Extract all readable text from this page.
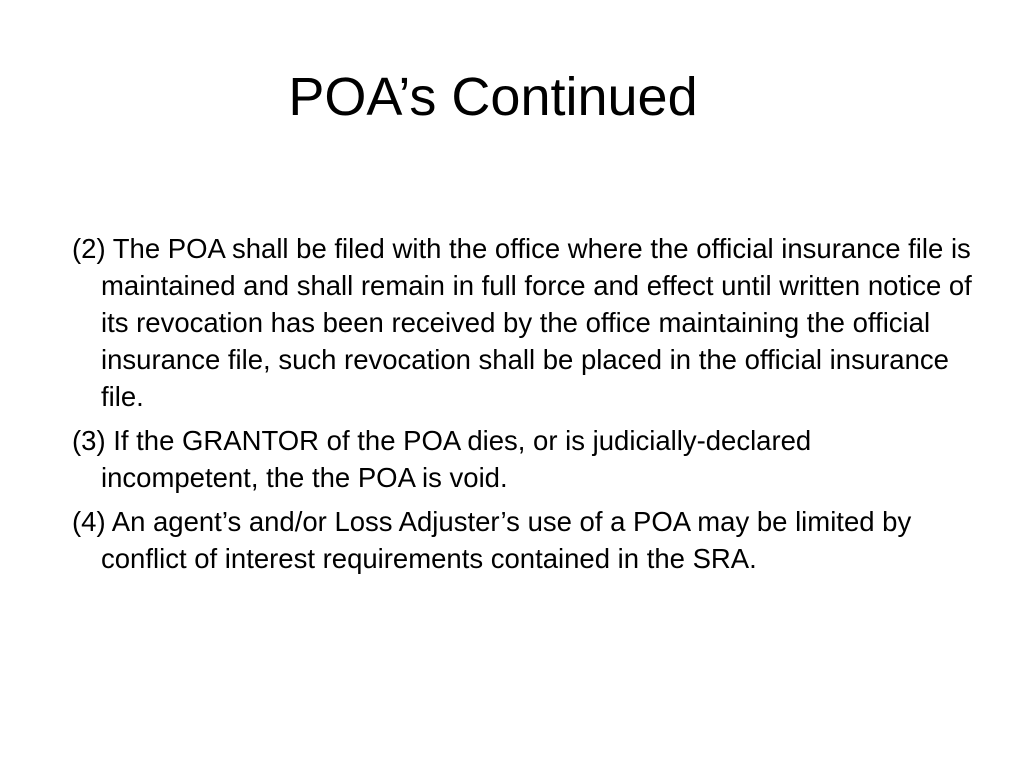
POA’s Continued
(2) The POA shall be filed with the office where the official insurance file is maintained and shall remain in full force and effect until written notice of its revocation has been received by the office maintaining the official insurance file, such revocation shall be placed in the official insurance file.
(3) If the GRANTOR of the POA dies, or is judicially-declared incompetent, the the POA is void.
(4) An agent’s and/or Loss Adjuster’s use of a POA may be limited by conflict of interest requirements contained in the SRA.
